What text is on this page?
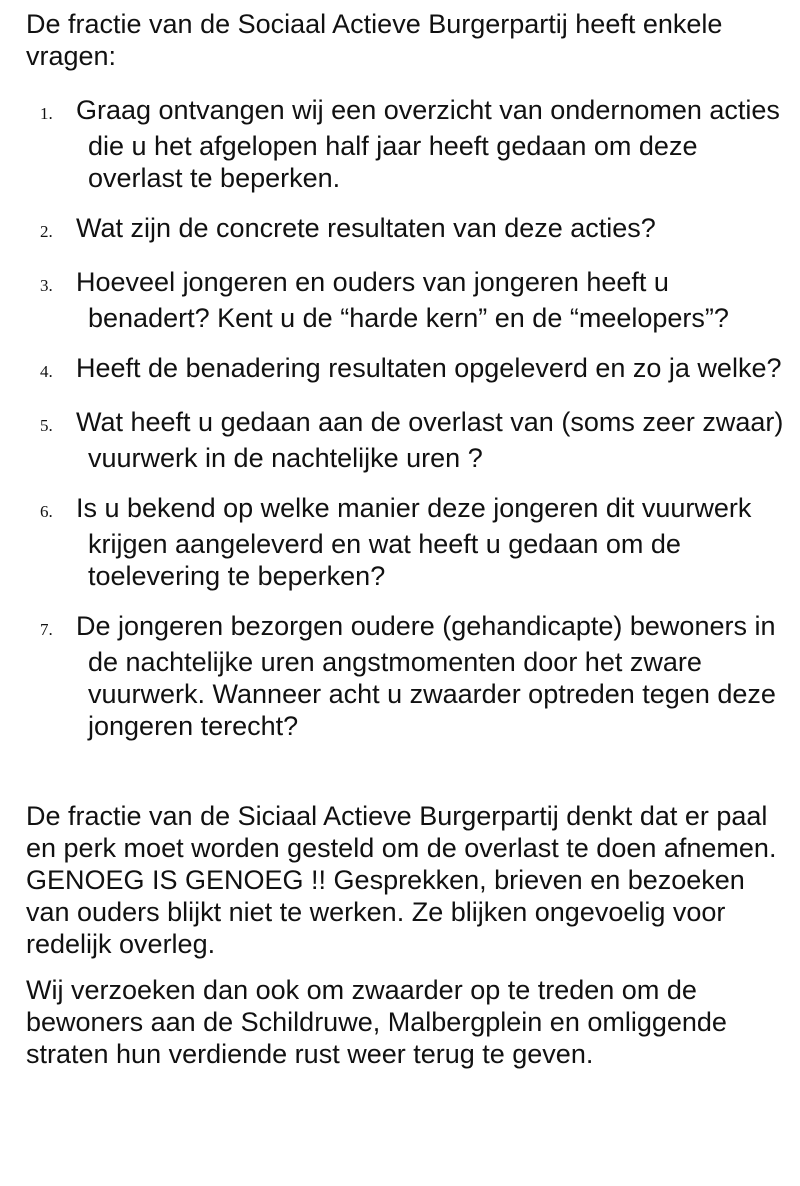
De fractie van de Sociaal Actieve Burgerpartij heeft enkele vragen:

1. Graag ontvangen wij een overzicht van ondernomen acties die u het afgelopen half jaar heeft gedaan om deze overlast te beperken.
2. Wat zijn de concrete resultaten van deze acties?
3. Hoeveel jongeren en ouders van jongeren heeft u benadert? Kent u de “harde kern” en de “meelopers”?
4. Heeft de benadering resultaten opgeleverd en zo ja welke?
5. Wat heeft u gedaan aan de overlast van (soms zeer zwaar) vuurwerk in de nachtelijke uren ?
6. Is u bekend op welke manier deze jongeren dit vuurwerk krijgen aangeleverd en wat heeft u gedaan om de toelevering te beperken?
7. De jongeren bezorgen oudere (gehandicapte) bewoners in de nachtelijke uren angstmomenten door het zware vuurwerk. Wanneer acht u zwaarder optreden tegen deze jongeren terecht?

De fractie van de Siciaal Actieve Burgerpartij denkt dat er paal en perk moet worden gesteld om de overlast te doen afnemen. GENOEG IS GENOEG !! Gesprekken, brieven en bezoeken van ouders blijkt niet te werken. Ze blijken ongevoelig voor redelijk overleg.

Wij verzoeken dan ook om zwaarder op te treden om de bewoners aan de Schildruwe, Malbergplein en omliggende straten hun verdiende rust weer terug te geven.
